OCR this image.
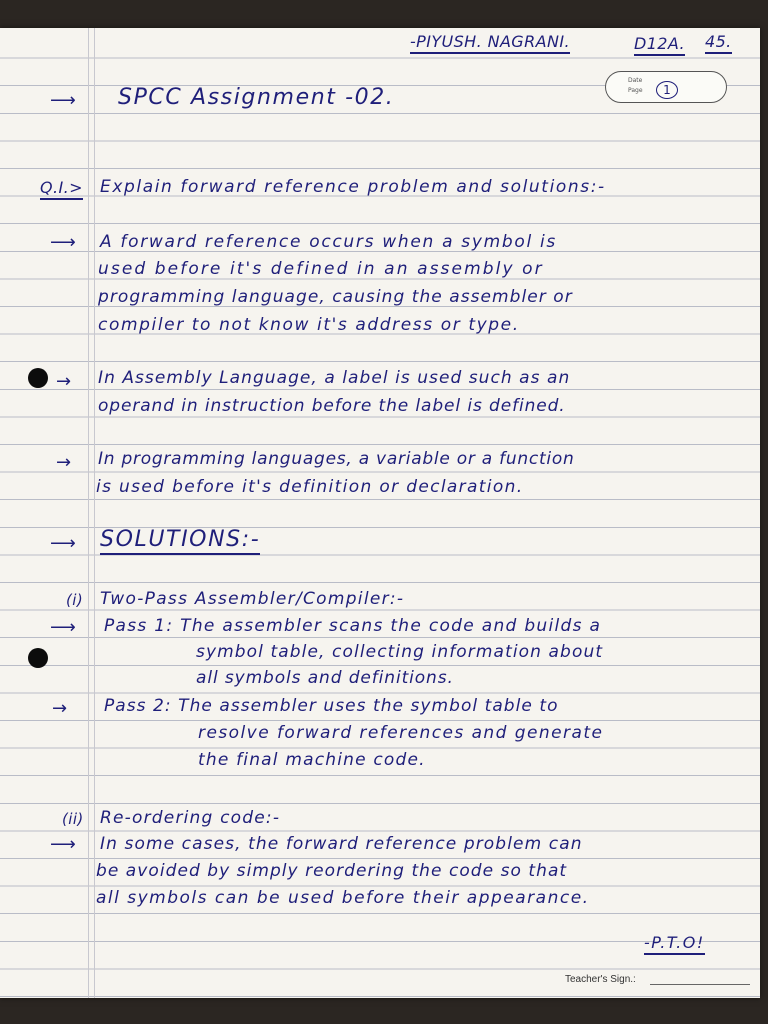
-PIYUSH. NAGRANI.	D12A. 45.
Date
Page	1
⟶ SPCC Assignment -02.
Q.I.> Explain forward reference problem and solutions:-
⟶ A forward reference occurs when a symbol is
used before it's defined in an assembly or
programming language, causing the assembler or
compiler to not know it's address or type.
→ In Assembly Language, a label is used such as an
operand in instruction before the label is defined.
→ In programming languages, a variable or a function
is used before it's definition or declaration.
⟶ SOLUTIONS:-
(i) Two-Pass Assembler/Compiler:-
⟶ Pass 1: The assembler scans the code and builds a
symbol table, collecting information about
all symbols and definitions.
→ Pass 2: The assembler uses the symbol table to
resolve forward references and generate
the final machine code.
(ii) Re-ordering code:-
⟶ In some cases, the forward reference problem can
be avoided by simply reordering the code so that
all symbols can be used before their appearance.
-P.T.O!
Teacher's Sign.:
